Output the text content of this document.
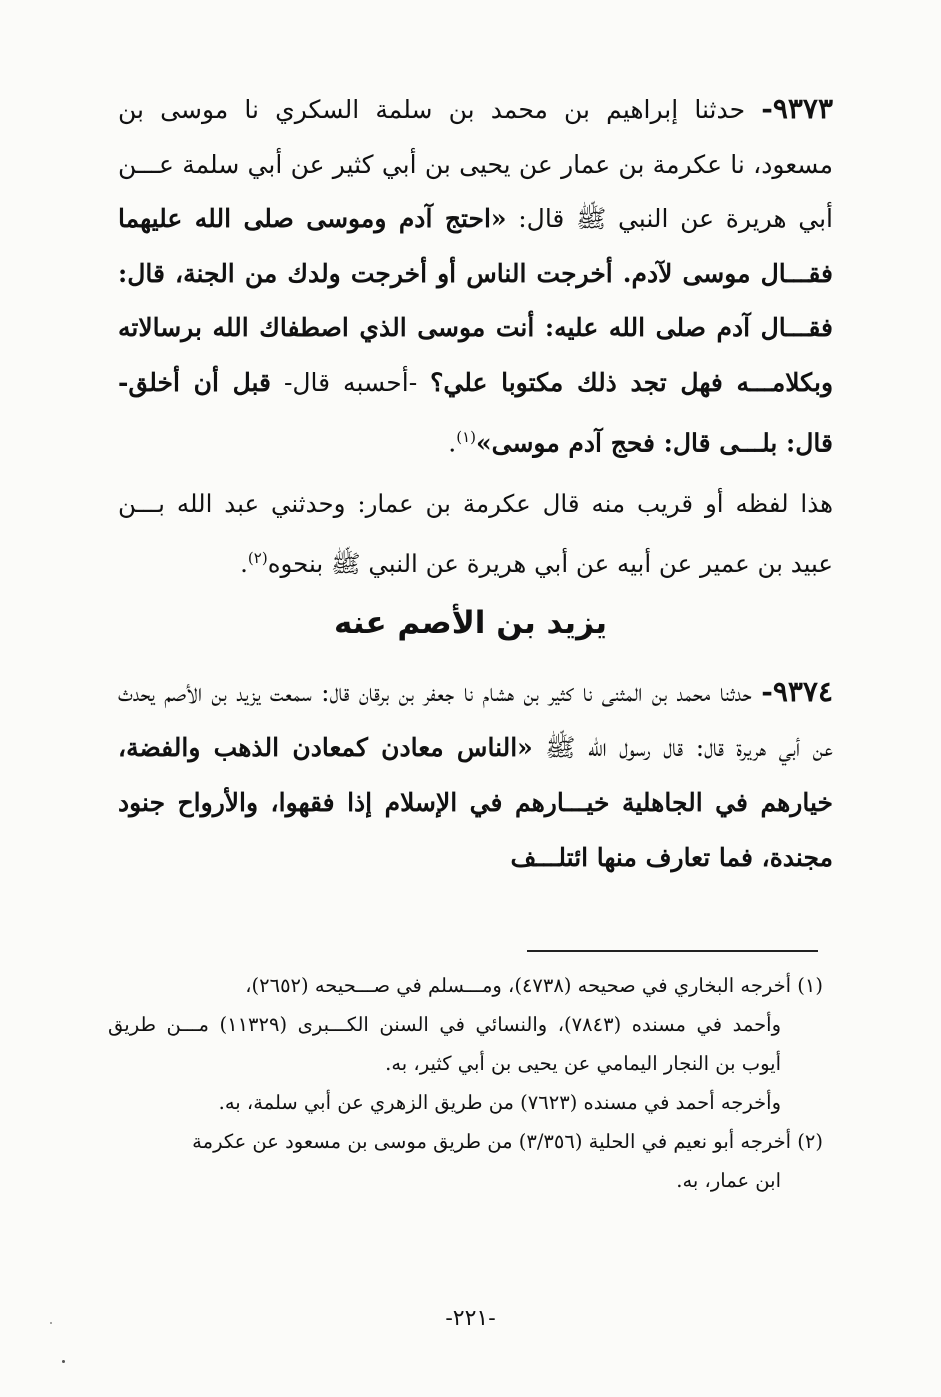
٩٣٧٣- حدثنا إبراهيم بن محمد بن سلمة السكري نا موسى بن مسعود، نا عكرمة بن عمار عن يحيى بن أبي كثير عن أبي سلمة عـــن أبي هريرة عن النبي ﷺ قال: «احتج آدم وموسى صلى الله عليهما فقـــال موسى لآدم. أخرجت الناس أو أخرجت ولدك من الجنة، قال: فقـــال آدم صلى الله عليه: أنت موسى الذي اصطفاك الله برسالاته وبكلامـــه فهل تجد ذلك مكتوبا علي؟ -أحسبه قال- قبل أن أخلق- قال: بلـــى قال: فحج آدم موسى»$^{(١)}$.
هذا لفظه أو قريب منه قال عكرمة بن عمار: وحدثني عبد الله بـــن عبيد بن عمير عن أبيه عن أبي هريرة عن النبي ﷺ بنحوه$^{(٢)}$.
يزيد بن الأصم عنه
٩٣٧٤- حدثنا محمد بن المثنى نا كثير بن هشام نا جعفر بن برقان قال: سمعت يزيد بن الأصم يحدث عن أبي هريرة قال: قال رسول الله ﷺ «الناس معادن كمعادن الذهب والفضة، خيارهم في الجاهلية خيـــارهم في الإسلام إذا فقهوا، والأرواح جنود مجندة، فما تعارف منها ائتلـــف
(١) أخرجه البخاري في صحيحه (٤٧٣٨)، ومـــسلم في صـــحيحه (٢٦٥٢)،
وأحمد في مسنده (٧٨٤٣)، والنسائي في السنن الكـــبرى (١١٣٢٩) مـــن طريق أيوب بن النجار اليمامي عن يحيى بن أبي كثير، به.
وأخرجه أحمد في مسنده (٧٦٢٣) من طريق الزهري عن أبي سلمة، به.
(٢) أخرجه أبو نعيم في الحلية (٣/٣٥٦) من طريق موسى بن مسعود عن عكرمة
ابن عمار، به.
-٢٢١-
